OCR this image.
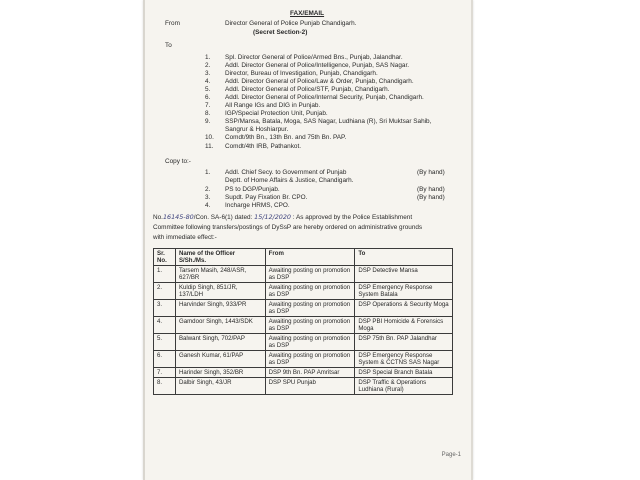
FAX/EMAIL
From	Director General of Police Punjab Chandigarh.
(Secret Section-2)
To
1. Spl. Director General of Police/Armed Bns., Punjab, Jalandhar.
2. Addl. Director General of Police/Intelligence, Punjab, SAS Nagar.
3. Director, Bureau of Investigation, Punjab, Chandigarh.
4. Addl. Director General of Police/Law & Order, Punjab, Chandigarh.
5. Addl. Director General of Police/STF, Punjab, Chandigarh.
6. Addl. Director General of Police/Internal Security, Punjab, Chandigarh.
7. All Range IGs and DIG in Punjab.
8. IGP/Special Protection Unit, Punjab.
9. SSP/Mansa, Batala, Moga, SAS Nagar, Ludhiana (R), Sri Muktsar Sahib,
Sangrur & Hoshiarpur.
10. Comdt/9th Bn., 13th Bn. and 75th Bn. PAP.
11. Comdt/4th IRB, Pathankot.
Copy to:-
1. Addl. Chief Secy. to Government of Punjab	(By hand)
Deptt. of Home Affairs & Justice, Chandigarh.
2. PS to DGP/Punjab.	(By hand)
3. Supdt. Pay Fixation Br. CPO.	(By hand)
4. Incharge HRMS, CPO.
No.16145-80/Con. SA-6(1) dated: 15/12/2020 : As approved by the Police Establishment
Committee following transfers/postings of DySsP are hereby ordered on administrative grounds
with immediate effect:-
Sr. No.	Name of the Officer S/Sh./Ms.	From	To
1.	Tarsem Masih, 248/ASR, 627/BR	Awaiting posting on promotion as DSP	DSP Detective Mansa
2.	Kuldip Singh, 851/JR, 137/LDH	Awaiting posting on promotion as DSP	DSP Emergency Response System Batala
3.	Harvinder Singh, 933/PR	Awaiting posting on promotion as DSP	DSP Operations & Security Moga
4.	Gamdoor Singh, 1443/SDK	Awaiting posting on promotion as DSP	DSP PBI Homicide & Forensics Moga
5.	Balwant Singh, 702/PAP	Awaiting posting on promotion as DSP	DSP 75th Bn. PAP Jalandhar
6.	Ganesh Kumar, 61/PAP	Awaiting posting on promotion as DSP	DSP Emergency Response System & CCTNS SAS Nagar
7.	Harinder Singh, 352/BR	DSP 9th Bn. PAP Amritsar	DSP Special Branch Batala
8.	Dalbir Singh, 43/JR	DSP SPU Punjab	DSP Traffic & Operations Ludhiana (Rural)
Page-1
